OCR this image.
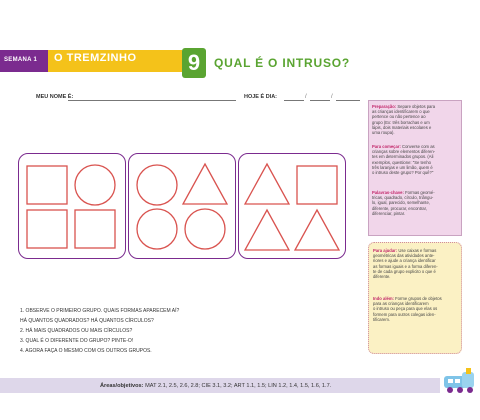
SEMANA 1 O TREMZINHO 9	QUAL É O INTRUSO?
MEU NOME É:	HOJE É DIA:	/	/
1. OBSERVE O PRIMEIRO GRUPO. QUAIS FORMAS APARECEM AÍ?
HÁ QUANTOS QUADRADOS? HÁ QUANTOS CÍRCULOS?
2. HÁ MAIS QUADRADOS OU MAIS CÍRCULOS?
3. QUAL É O DIFERENTE DO GRUPO? PINTE-O!
4. AGORA FAÇA O MESMO COM OS OUTROS GRUPOS.
Preparação: Separe objetos para
as crianças identificarem o que
pertence ou não pertence ao
grupo (Ex: três borrachas e um
lápis, dois materiais escolares e
uma roupa).
Para começar: Converse com as
crianças sobre elementos diferen-
tes em determinados grupos. (Ali
exemplos, questione: "Se tenho
três laranjas e um limão, quem é
o intruso deste grupo? Por quê?"
Palavras-chave: Formas geomé-
tricas, quadrado, círculo, triângu-
lo, igual, parecido, semelhante,
diferente, procurar, encontrar,
diferenciar, pintar.
Para ajudar: Use caixas e formas
geométricas das atividades ante-
riores e ajude a criança identificar
as formas iguais e a forma diferen-
te de cada grupo explicito o que é
diferente.
Indo além: Forme grupos de objetos
para as crianças identificarem
o intruso ou peça para que elas os
formem para outros colegas iden-
tificarem.
Áreas/objetivos: MAT 2.1, 2.5, 2.6, 2.8; CIE 3.1, 3.2; ART 1.1, 1.5; LIN 1.2, 1.4, 1.5, 1.6, 1.7.
